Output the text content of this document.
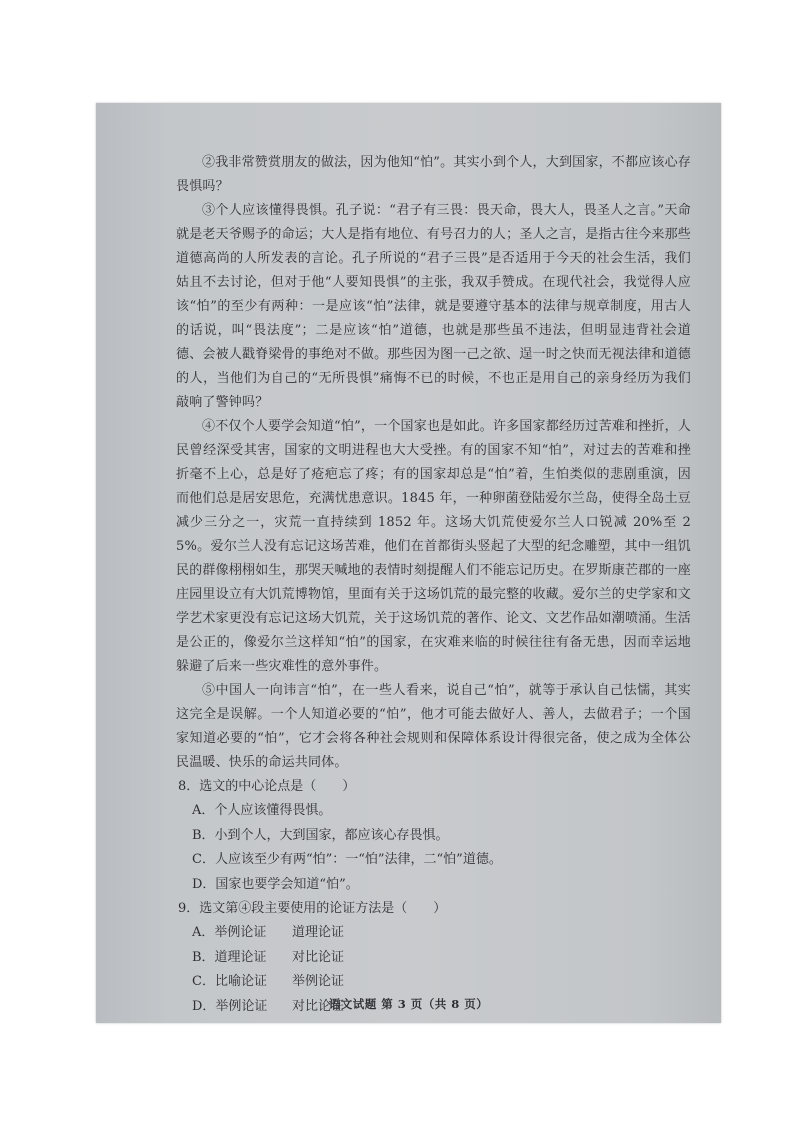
②我非常赞赏朋友的做法，因为他知“怕”。其实小到个人，大到国家，不都应该心存畏惧吗？

③个人应该懂得畏惧。孔子说：“君子有三畏：畏天命，畏大人，畏圣人之言。”天命就是老天爷赐予的命运；大人是指有地位、有号召力的人；圣人之言，是指古往今来那些道德高尚的人所发表的言论。孔子所说的“君子三畏”是否适用于今天的社会生活，我们姑且不去讨论，但对于他“人要知畏惧”的主张，我双手赞成。在现代社会，我觉得人应该“怕”的至少有两种：一是应该“怕”法律，就是要遵守基本的法律与规章制度，用古人的话说，叫“畏法度”；二是应该“怕”道德，也就是那些虽不违法，但明显违背社会道德、会被人戳脊梁骨的事绝对不做。那些因为图一己之欲、逞一时之快而无视法律和道德的人，当他们为自己的“无所畏惧”痛悔不已的时候，不也正是用自己的亲身经历为我们敲响了警钟吗？

④不仅个人要学会知道“怕”，一个国家也是如此。许多国家都经历过苦难和挫折，人民曾经深受其害，国家的文明进程也大大受挫。有的国家不知“怕”，对过去的苦难和挫折毫不上心，总是好了疮疤忘了疼；有的国家却总是“怕”着，生怕类似的悲剧重演，因而他们总是居安思危，充满忧患意识。1845 年，一种卵菌登陆爱尔兰岛，使得全岛土豆减少三分之一，灾荒一直持续到 1852 年。这场大饥荒使爱尔兰人口锐减 20%至 25%。爱尔兰人没有忘记这场苦难，他们在首都街头竖起了大型的纪念雕塑，其中一组饥民的群像栩栩如生，那哭天喊地的表情时刻提醒人们不能忘记历史。在罗斯康芒郡的一座庄园里设立有大饥荒博物馆，里面有关于这场饥荒的最完整的收藏。爱尔兰的史学家和文学艺术家更没有忘记这场大饥荒，关于这场饥荒的著作、论文、文艺作品如潮喷涌。生活是公正的，像爱尔兰这样知“怕”的国家，在灾难来临的时候往往有备无患，因而幸运地躲避了后来一些灾难性的意外事件。

⑤中国人一向讳言“怕”，在一些人看来，说自己“怕”，就等于承认自己怯懦，其实这完全是误解。一个人知道必要的“怕”，他才可能去做好人、善人，去做君子；一个国家知道必要的“怕”，它才会将各种社会规则和保障体系设计得很完备，使之成为全体公民温暖、快乐的命运共同体。

8．选文的中心论点是（　　）

A．个人应该懂得畏惧。

B．小到个人，大到国家，都应该心存畏惧。

C．人应该至少有两“怕”：一“怕”法律，二“怕”道德。

D．国家也要学会知道“怕”。

9．选文第④段主要使用的论证方法是（　　）

A．举例论证	道理论证
B．道理论证	对比论证
C．比喻论证	举例论证
D．举例论证	对比论证
语文试题 第 3 页（共 8 页）
